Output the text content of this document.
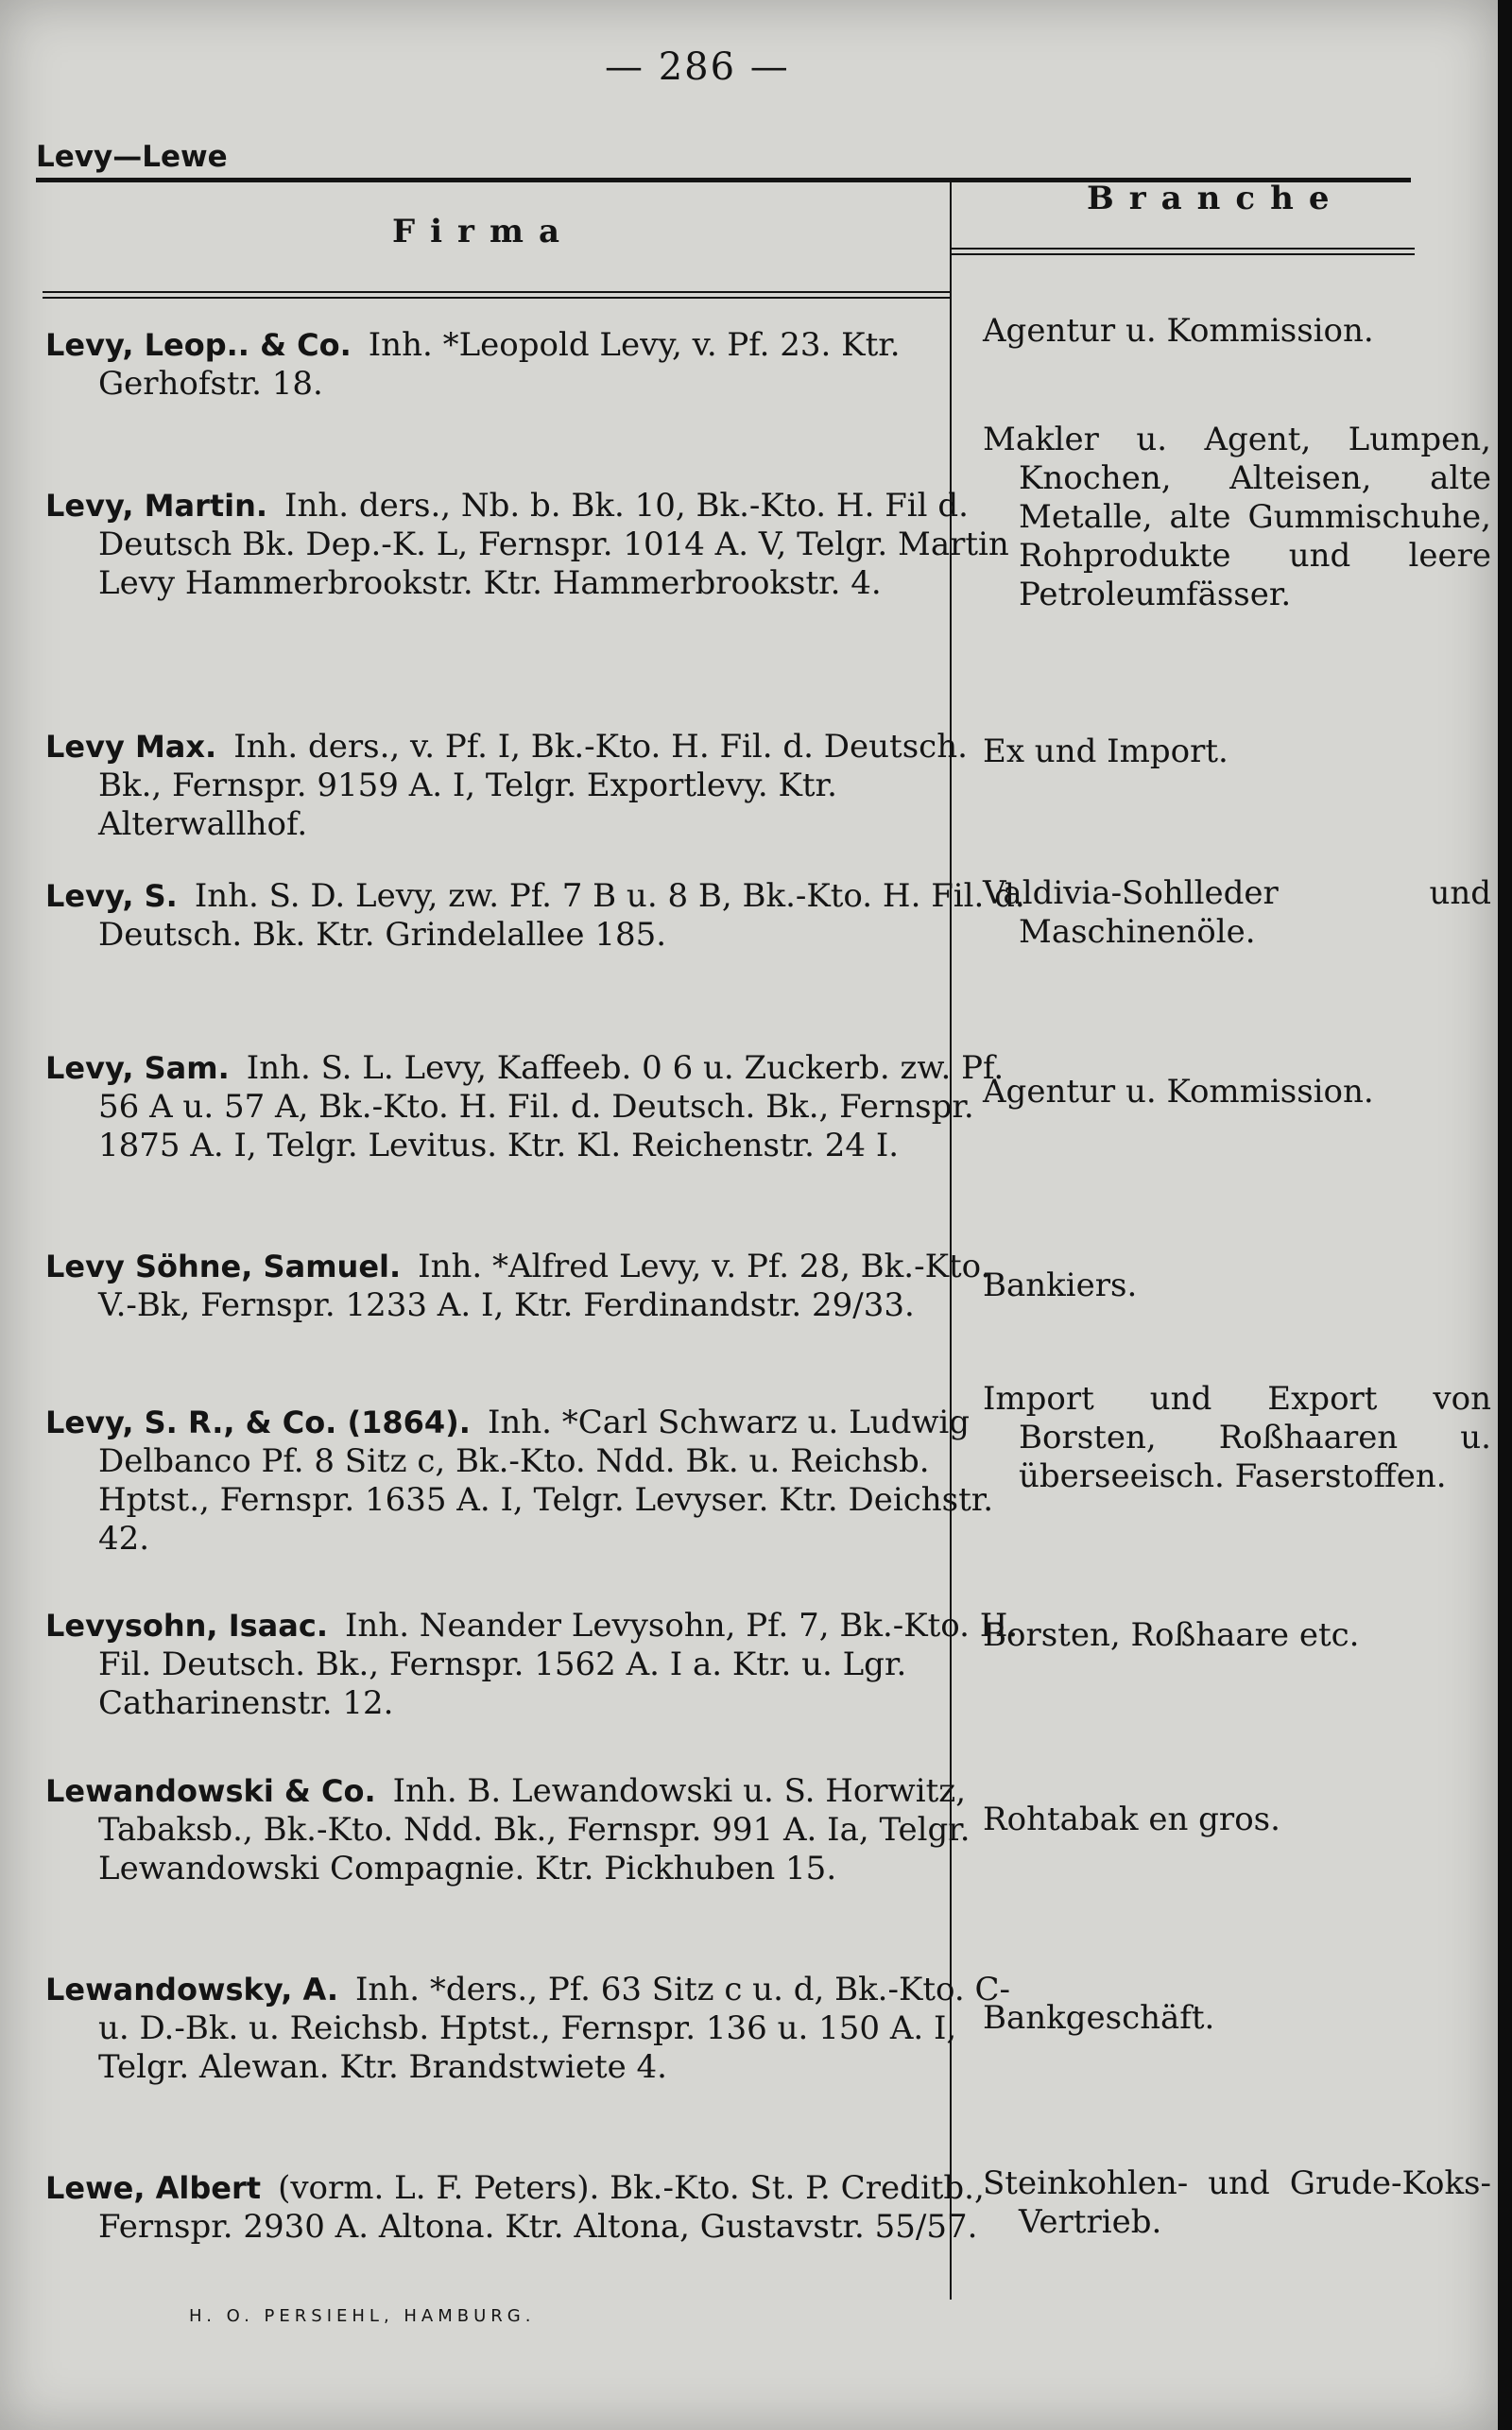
— 286 —
Levy—Lewe
Firma
Branche
Levy, Leop.. & Co. Inh. *Leopold Levy, v. Pf. 23. Ktr. Gerhofstr. 18.
Agentur u. Kommission.
Levy, Martin. Inh. ders., Nb. b. Bk. 10, Bk.-Kto. H. Fil d. Deutsch Bk. Dep.-K. L, Fernspr. 1014 A. V, Telgr. Martin Levy Hammerbrookstr. Ktr. Hammerbrookstr. 4.
Makler u. Agent, Lumpen, Knochen, Alteisen, alte Metalle, alte Gummischuhe, Rohprodukte und leere Petroleumfässer.
Levy Max. Inh. ders., v. Pf. I, Bk.-Kto. H. Fil. d. Deutsch. Bk., Fernspr. 9159 A. I, Telgr. Exportlevy. Ktr. Alterwallhof.
Ex und Import.
Levy, S. Inh. S. D. Levy, zw. Pf. 7 B u. 8 B, Bk.-Kto. H. Fil. d. Deutsch. Bk. Ktr. Grindelallee 185.
Valdivia-Sohlleder und Maschinenöle.
Levy, Sam. Inh. S. L. Levy, Kaffeeb. 0 6 u. Zuckerb. zw. Pf. 56 A u. 57 A, Bk.-Kto. H. Fil. d. Deutsch. Bk., Fernspr. 1875 A. I, Telgr. Levitus. Ktr. Kl. Reichenstr. 24 I.
Agentur u. Kommission.
Levy Söhne, Samuel. Inh. *Alfred Levy, v. Pf. 28, Bk.-Kto. V.-Bk, Fernspr. 1233 A. I, Ktr. Ferdinandstr. 29/33.
Bankiers.
Levy, S. R., & Co. (1864). Inh. *Carl Schwarz u. Ludwig Delbanco Pf. 8 Sitz c, Bk.-Kto. Ndd. Bk. u. Reichsb. Hptst., Fernspr. 1635 A. I, Telgr. Levyser. Ktr. Deichstr. 42.
Import und Export von Borsten, Roßhaaren u. überseeisch. Faserstoffen.
Levysohn, Isaac. Inh. Neander Levysohn, Pf. 7, Bk.-Kto. H. Fil. Deutsch. Bk., Fernspr. 1562 A. I a. Ktr. u. Lgr. Catharinenstr. 12.
Borsten, Roßhaare etc.
Lewandowski & Co. Inh. B. Lewandowski u. S. Horwitz, Tabaksb., Bk.-Kto. Ndd. Bk., Fernspr. 991 A. Ia, Telgr. Lewandowski Compagnie. Ktr. Pickhuben 15.
Rohtabak en gros.
Lewandowsky, A. Inh. *ders., Pf. 63 Sitz c u. d, Bk.-Kto. C- u. D.-Bk. u. Reichsb. Hptst., Fernspr. 136 u. 150 A. I, Telgr. Alewan. Ktr. Brandstwiete 4.
Bankgeschäft.
Lewe, Albert (vorm. L. F. Peters). Bk.-Kto. St. P. Creditb., Fernspr. 2930 A. Altona. Ktr. Altona, Gustavstr. 55/57.
Steinkohlen- und Grude-Koks-Vertrieb.
H. O. PERSIEHL, HAMBURG.
